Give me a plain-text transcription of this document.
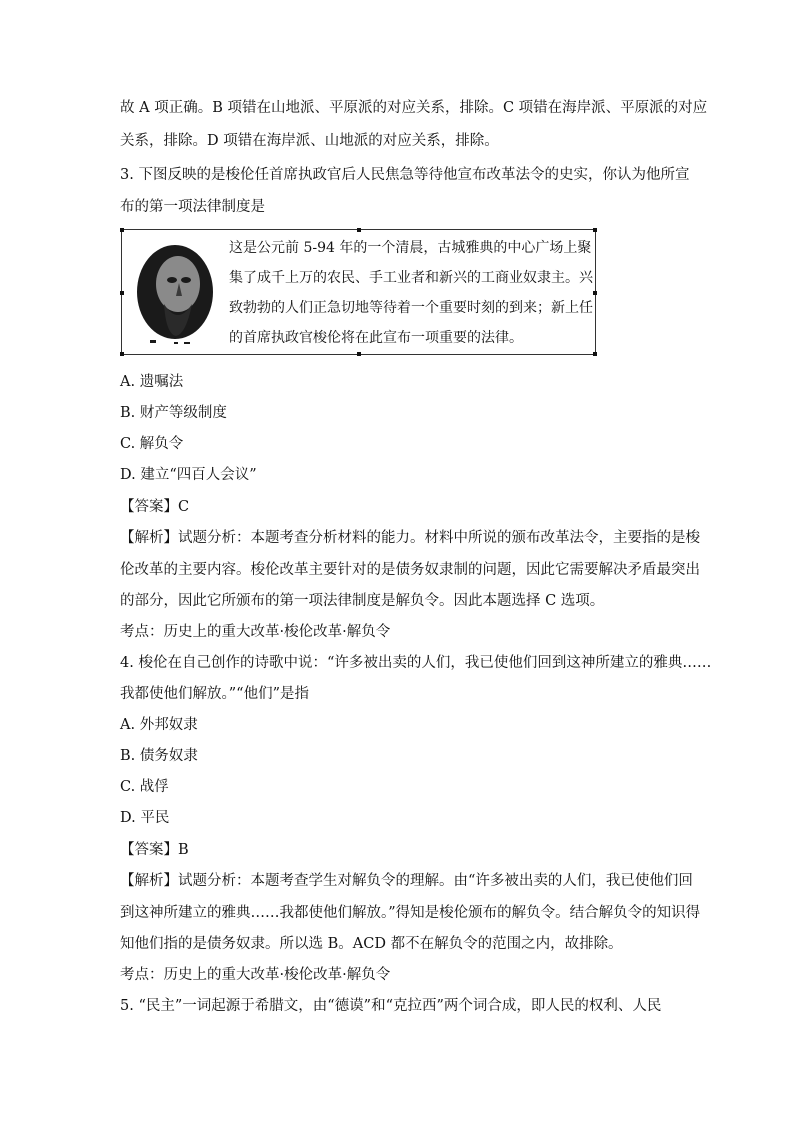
故 A 项正确。B 项错在山地派、平原派的对应关系，排除。C 项错在海岸派、平原派的对应
关系，排除。D 项错在海岸派、山地派的对应关系，排除。
3. 下图反映的是梭伦任首席执政官后人民焦急等待他宣布改革法令的史实，你认为他所宣
布的第一项法律制度是
这是公元前 5-94 年的一个清晨，古城雅典的中心广场上聚
集了成千上万的农民、手工业者和新兴的工商业奴隶主。兴
致勃勃的人们正急切地等待着一个重要时刻的到来；新上任
的首席执政官梭伦将在此宣布一项重要的法律。
A. 遗嘱法
B. 财产等级制度
C. 解负令
D. 建立“四百人会议”
【答案】C
【解析】试题分析：本题考查分析材料的能力。材料中所说的颁布改革法令，主要指的是梭
伦改革的主要内容。梭伦改革主要针对的是债务奴隶制的问题，因此它需要解决矛盾最突出
的部分，因此它所颁布的第一项法律制度是解负令。因此本题选择 C 选项。
考点：历史上的重大改革·梭伦改革·解负令
4. 梭伦在自己创作的诗歌中说：“许多被出卖的人们，我已使他们回到这神所建立的雅典……
我都使他们解放。”“他们”是指
A. 外邦奴隶
B. 债务奴隶
C. 战俘
D. 平民
【答案】B
【解析】试题分析：本题考查学生对解负令的理解。由“许多被出卖的人们，我已使他们回
到这神所建立的雅典……我都使他们解放。”得知是梭伦颁布的解负令。结合解负令的知识得
知他们指的是债务奴隶。所以选 B。ACD 都不在解负令的范围之内，故排除。
考点：历史上的重大改革·梭伦改革·解负令
5. “民主”一词起源于希腊文，由“德谟”和“克拉西”两个词合成，即人民的权利、人民
